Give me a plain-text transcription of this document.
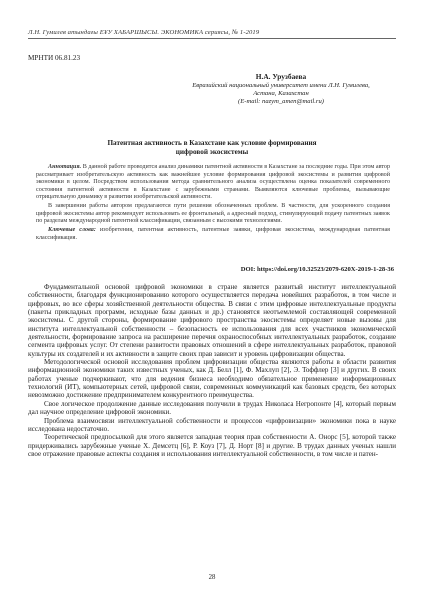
Л.Н. Гумилев атындағы ЕҰУ ХАБАРШЫСЫ. ЭКОНОМИКА сериясы, № 1-2019
МРНТИ 06.81.23
Н.А. Урузбаева
Евразийский национальный университет имени Л.Н. Гумилева,
Астана, Казахстан
(E-mail: nazym_amen@mail.ru)
Патентная активность в Казахстане как условие формирования
цифровой экосистемы

Аннотация. В данной работе проводится анализ динамики патентной активности в Казахстане за последние годы. При этом автор рассматривает изобретательскую активность как важнейшее условие формирования цифровой экосистемы и развития цифровой экономики в целом. Посредством использования метода сравнительного анализа осуществлена оценка показателей современного состояния патентной активности в Казахстане с зарубежными странами. Выявляются ключевые проблемы, вызывающие отрицательную динамику в развитии изобретательской активности.

В завершении работы автором предлагаются пути решения обозначенных проблем. В частности, для ускоренного создания цифровой экосистемы автор рекомендует использовать ее фронтальный, а адресный подход, стимулирующий подачу патентных заявок по разделам международной патентной классификации, связанным с высокими технологиями.

Ключевые слова: изобретения, патентная активность, патентные заявки, цифровая экосистема, международная патентная классификация.

DOI: https://doi.org/10.32523/2079-620X-2019-1-28-36

Фундаментальной основой цифровой экономики в стране является развитый институт интеллектуальной собственности, благодаря функционированию которого осуществляется передача новейших разработок, в том числе и цифровых, во все сферы хозяйственной деятельности общества. В связи с этим цифровые интеллектуальные продукты (пакеты прикладных программ, исходные базы данных и др.) становятся неотъемлемой составляющей современной экосистемы. С другой стороны, формирование цифрового пространства экосистемы определяет новые вызовы для института интеллектуальной собственности – безопасность ее использования для всех участников экономической деятельности, формирование запроса на расширение перечня охраноспособных интеллектуальных разработок, создание сегмента цифровых услуг. От степени развитости правовых отношений в сфере интеллектуальных разработок, правовой культуры их создателей и их активности в защите своих прав зависит и уровень цифровизации общества.

Методологической основой исследования проблем цифровизации общества являются работы в области развития информационной экономики таких известных ученых, как Д. Белл [1], Ф. Махлуп [2], Э. Тоффлер [3] и других. В своих работах ученые подчеркивают, что для ведения бизнеса необходимо обязательное применение информационных технологий (ИТ), компьютерных сетей, цифровой связи, современных коммуникаций как базовых средств, без которых невозможно достижение предпринимателем конкурентного преимущества.

Свое логическое продолжение данные исследования получили в трудах Николаса Негропонте [4], который первым дал научное определение цифровой экономики.

Проблема взаимосвязи интеллектуальной собственности и процессов «цифровизации» экономики пока в науке исследована недостаточно.

Теоретической предпосылкой для этого является западная теория прав собственности А. Онорс [5], которой также придерживались зарубежные ученые Х. Демсетц [6], Р. Коуз [7], Д. Норт [8] и другие. В трудах данных ученых нашли свое отражение правовые аспекты создания и использования интеллектуальной собственности, в том числе и патен-

28
